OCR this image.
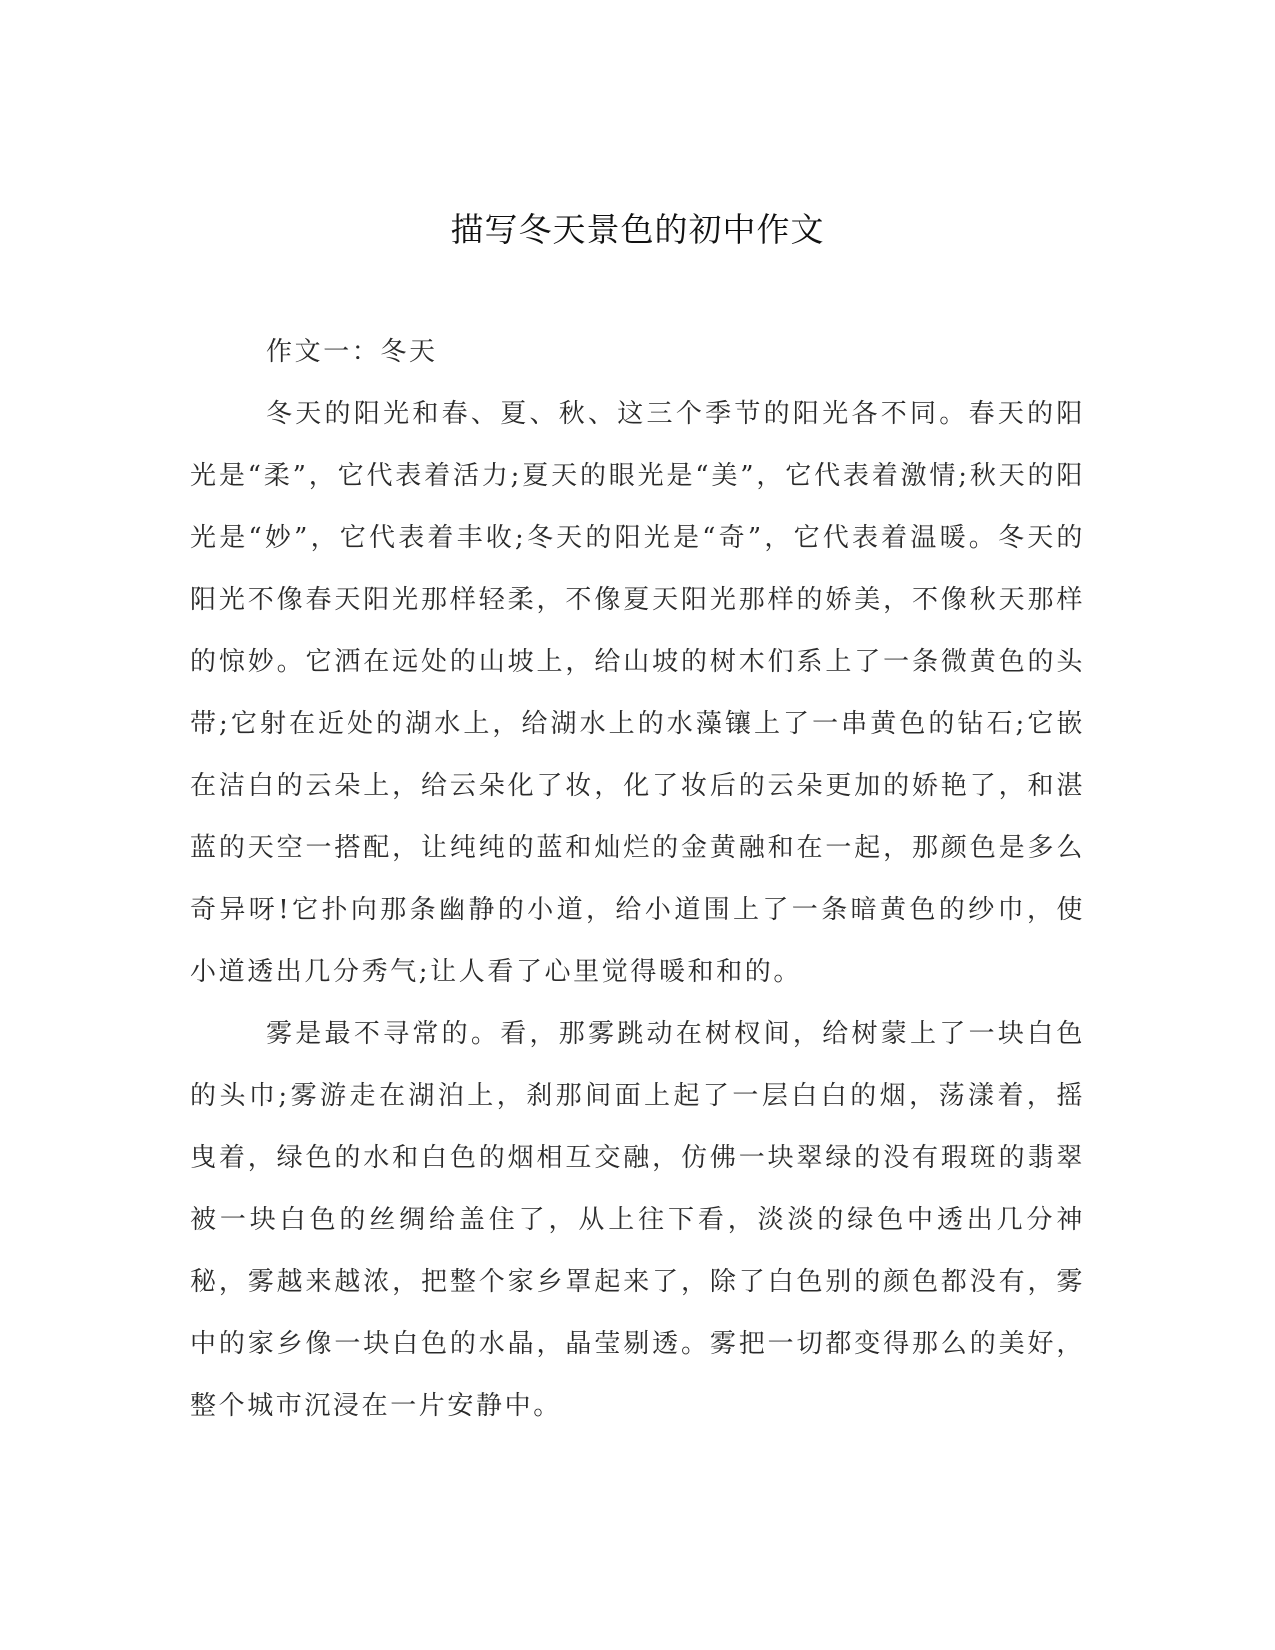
描写冬天景色的初中作文

作文一：冬天

冬天的阳光和春、夏、秋、这三个季节的阳光各不同。春天的阳光是“柔”，它代表着活力;夏天的眼光是“美”，它代表着激情;秋天的阳光是“妙”，它代表着丰收;冬天的阳光是“奇”，它代表着温暖。冬天的阳光不像春天阳光那样轻柔，不像夏天阳光那样的娇美，不像秋天那样的惊妙。它洒在远处的山坡上，给山坡的树木们系上了一条微黄色的头带;它射在近处的湖水上，给湖水上的水藻镶上了一串黄色的钻石;它嵌在洁白的云朵上，给云朵化了妆，化了妆后的云朵更加的娇艳了，和湛蓝的天空一搭配，让纯纯的蓝和灿烂的金黄融和在一起，那颜色是多么奇异呀!它扑向那条幽静的小道，给小道围上了一条暗黄色的纱巾，使小道透出几分秀气;让人看了心里觉得暖和和的。

雾是最不寻常的。看，那雾跳动在树杈间，给树蒙上了一块白色的头巾;雾游走在湖泊上，刹那间面上起了一层白白的烟，荡漾着，摇曳着，绿色的水和白色的烟相互交融，仿佛一块翠绿的没有瑕斑的翡翠被一块白色的丝绸给盖住了，从上往下看，淡淡的绿色中透出几分神秘，雾越来越浓，把整个家乡罩起来了，除了白色别的颜色都没有，雾中的家乡像一块白色的水晶，晶莹剔透。雾把一切都变得那么的美好，整个城市沉浸在一片安静中。
